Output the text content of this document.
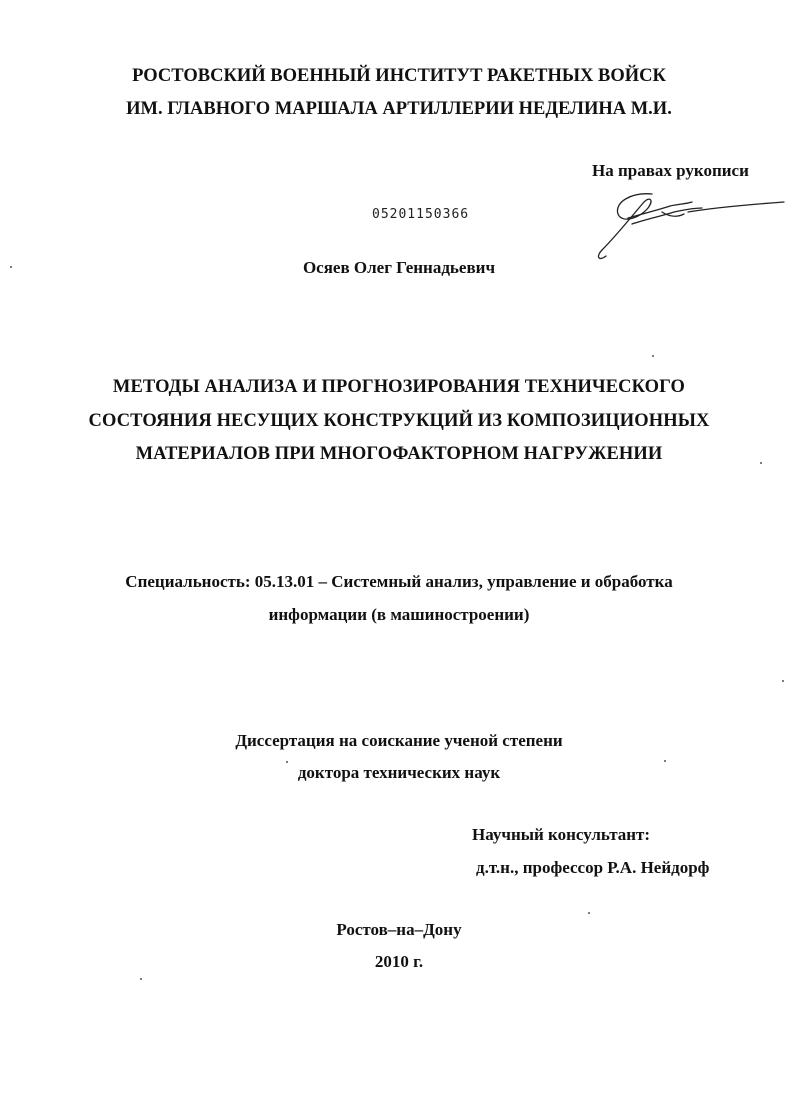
РОСТОВСКИЙ ВОЕННЫЙ ИНСТИТУТ РАКЕТНЫХ ВОЙСК
ИМ. ГЛАВНОГО МАРШАЛА АРТИЛЛЕРИИ НЕДЕЛИНА М.И.
На правах рукописи
05201150366
Осяев Олег Геннадьевич
МЕТОДЫ АНАЛИЗА И ПРОГНОЗИРОВАНИЯ ТЕХНИЧЕСКОГО
СОСТОЯНИЯ НЕСУЩИХ КОНСТРУКЦИЙ ИЗ КОМПОЗИЦИОННЫХ
МАТЕРИАЛОВ ПРИ МНОГОФАКТОРНОМ НАГРУЖЕНИИ
Специальность: 05.13.01 – Системный анализ, управление и обработка
информации (в машиностроении)
Диссертация на соискание ученой степени
доктора технических наук
Научный консультант:
д.т.н., профессор Р.А. Нейдорф
Ростов–на–Дону
2010 г.
